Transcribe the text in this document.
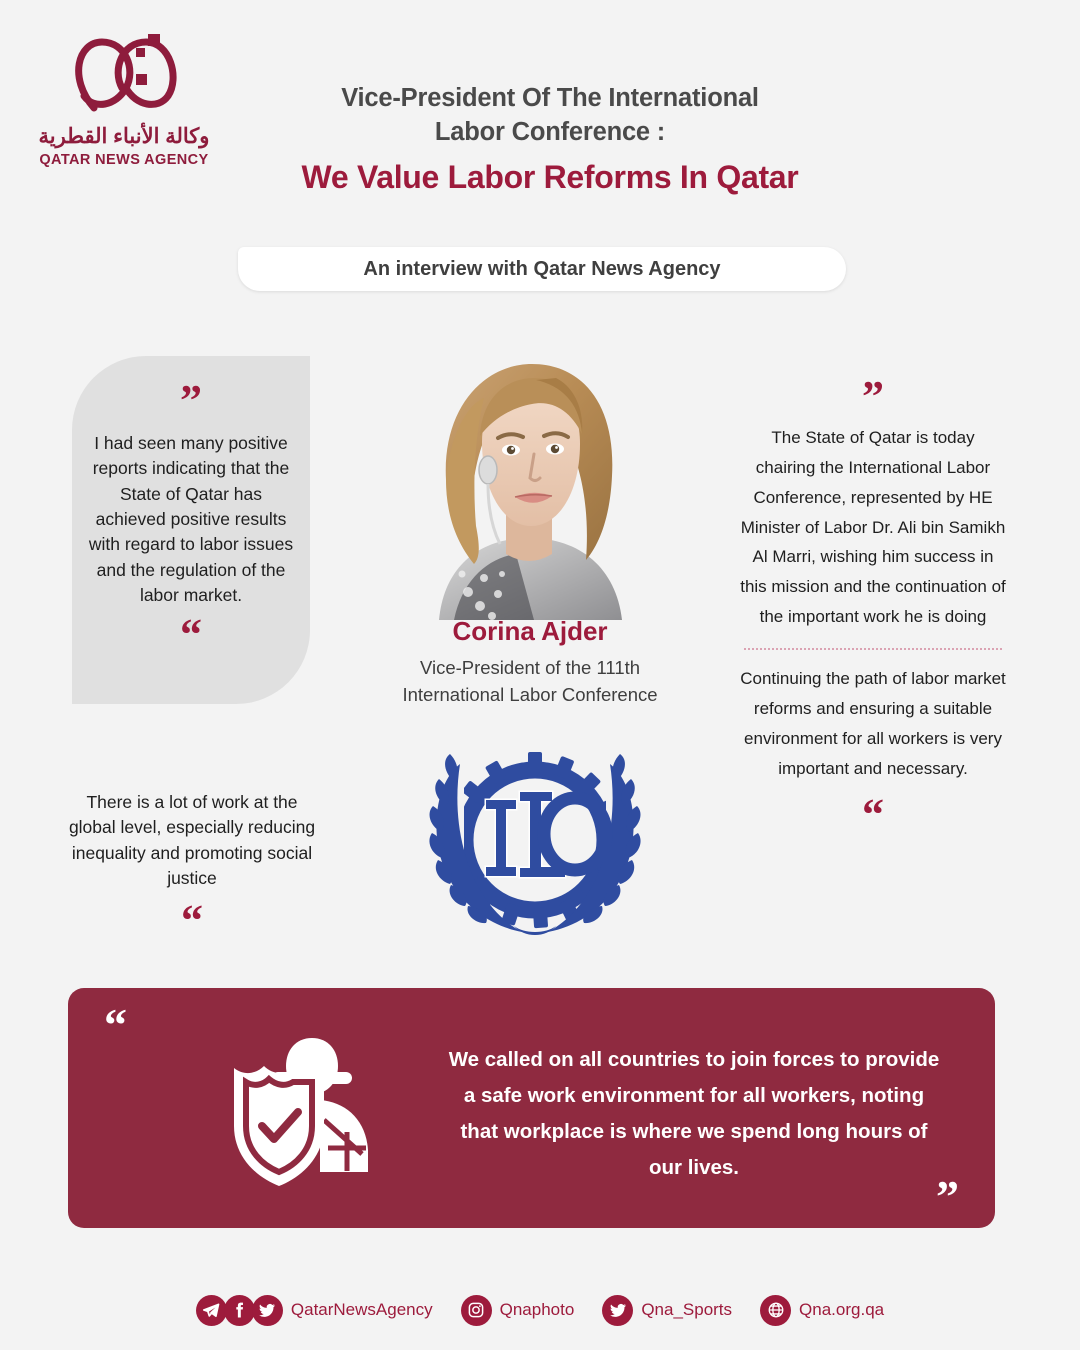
وكالة الأنباء القطرية
QATAR NEWS AGENCY
Vice-President Of The International
Labor Conference :
We Value Labor Reforms In Qatar
An interview with Qatar News Agency
”
I had seen many positive reports indicating that the State of Qatar has achieved positive results with regard to labor issues and the regulation of the labor market.
“
There is a lot of work at the global level, especially reducing inequality and promoting social justice
“
Corina Ajder
Vice-President of the 111th
International Labor Conference
”
The State of Qatar is today chairing the International Labor Conference, represented by HE Minister of Labor Dr. Ali bin Samikh Al Marri, wishing him success in this mission and the continuation of the important work he is doing
Continuing the path of labor market reforms and ensuring a suitable environment for all workers is very important and necessary.
“
“
We called on all countries to join forces to provide a safe work environment for all workers, noting that workplace is where we spend long hours of our lives.
”
QatarNewsAgency	Qnaphoto	Qna_Sports	Qna.org.qa
